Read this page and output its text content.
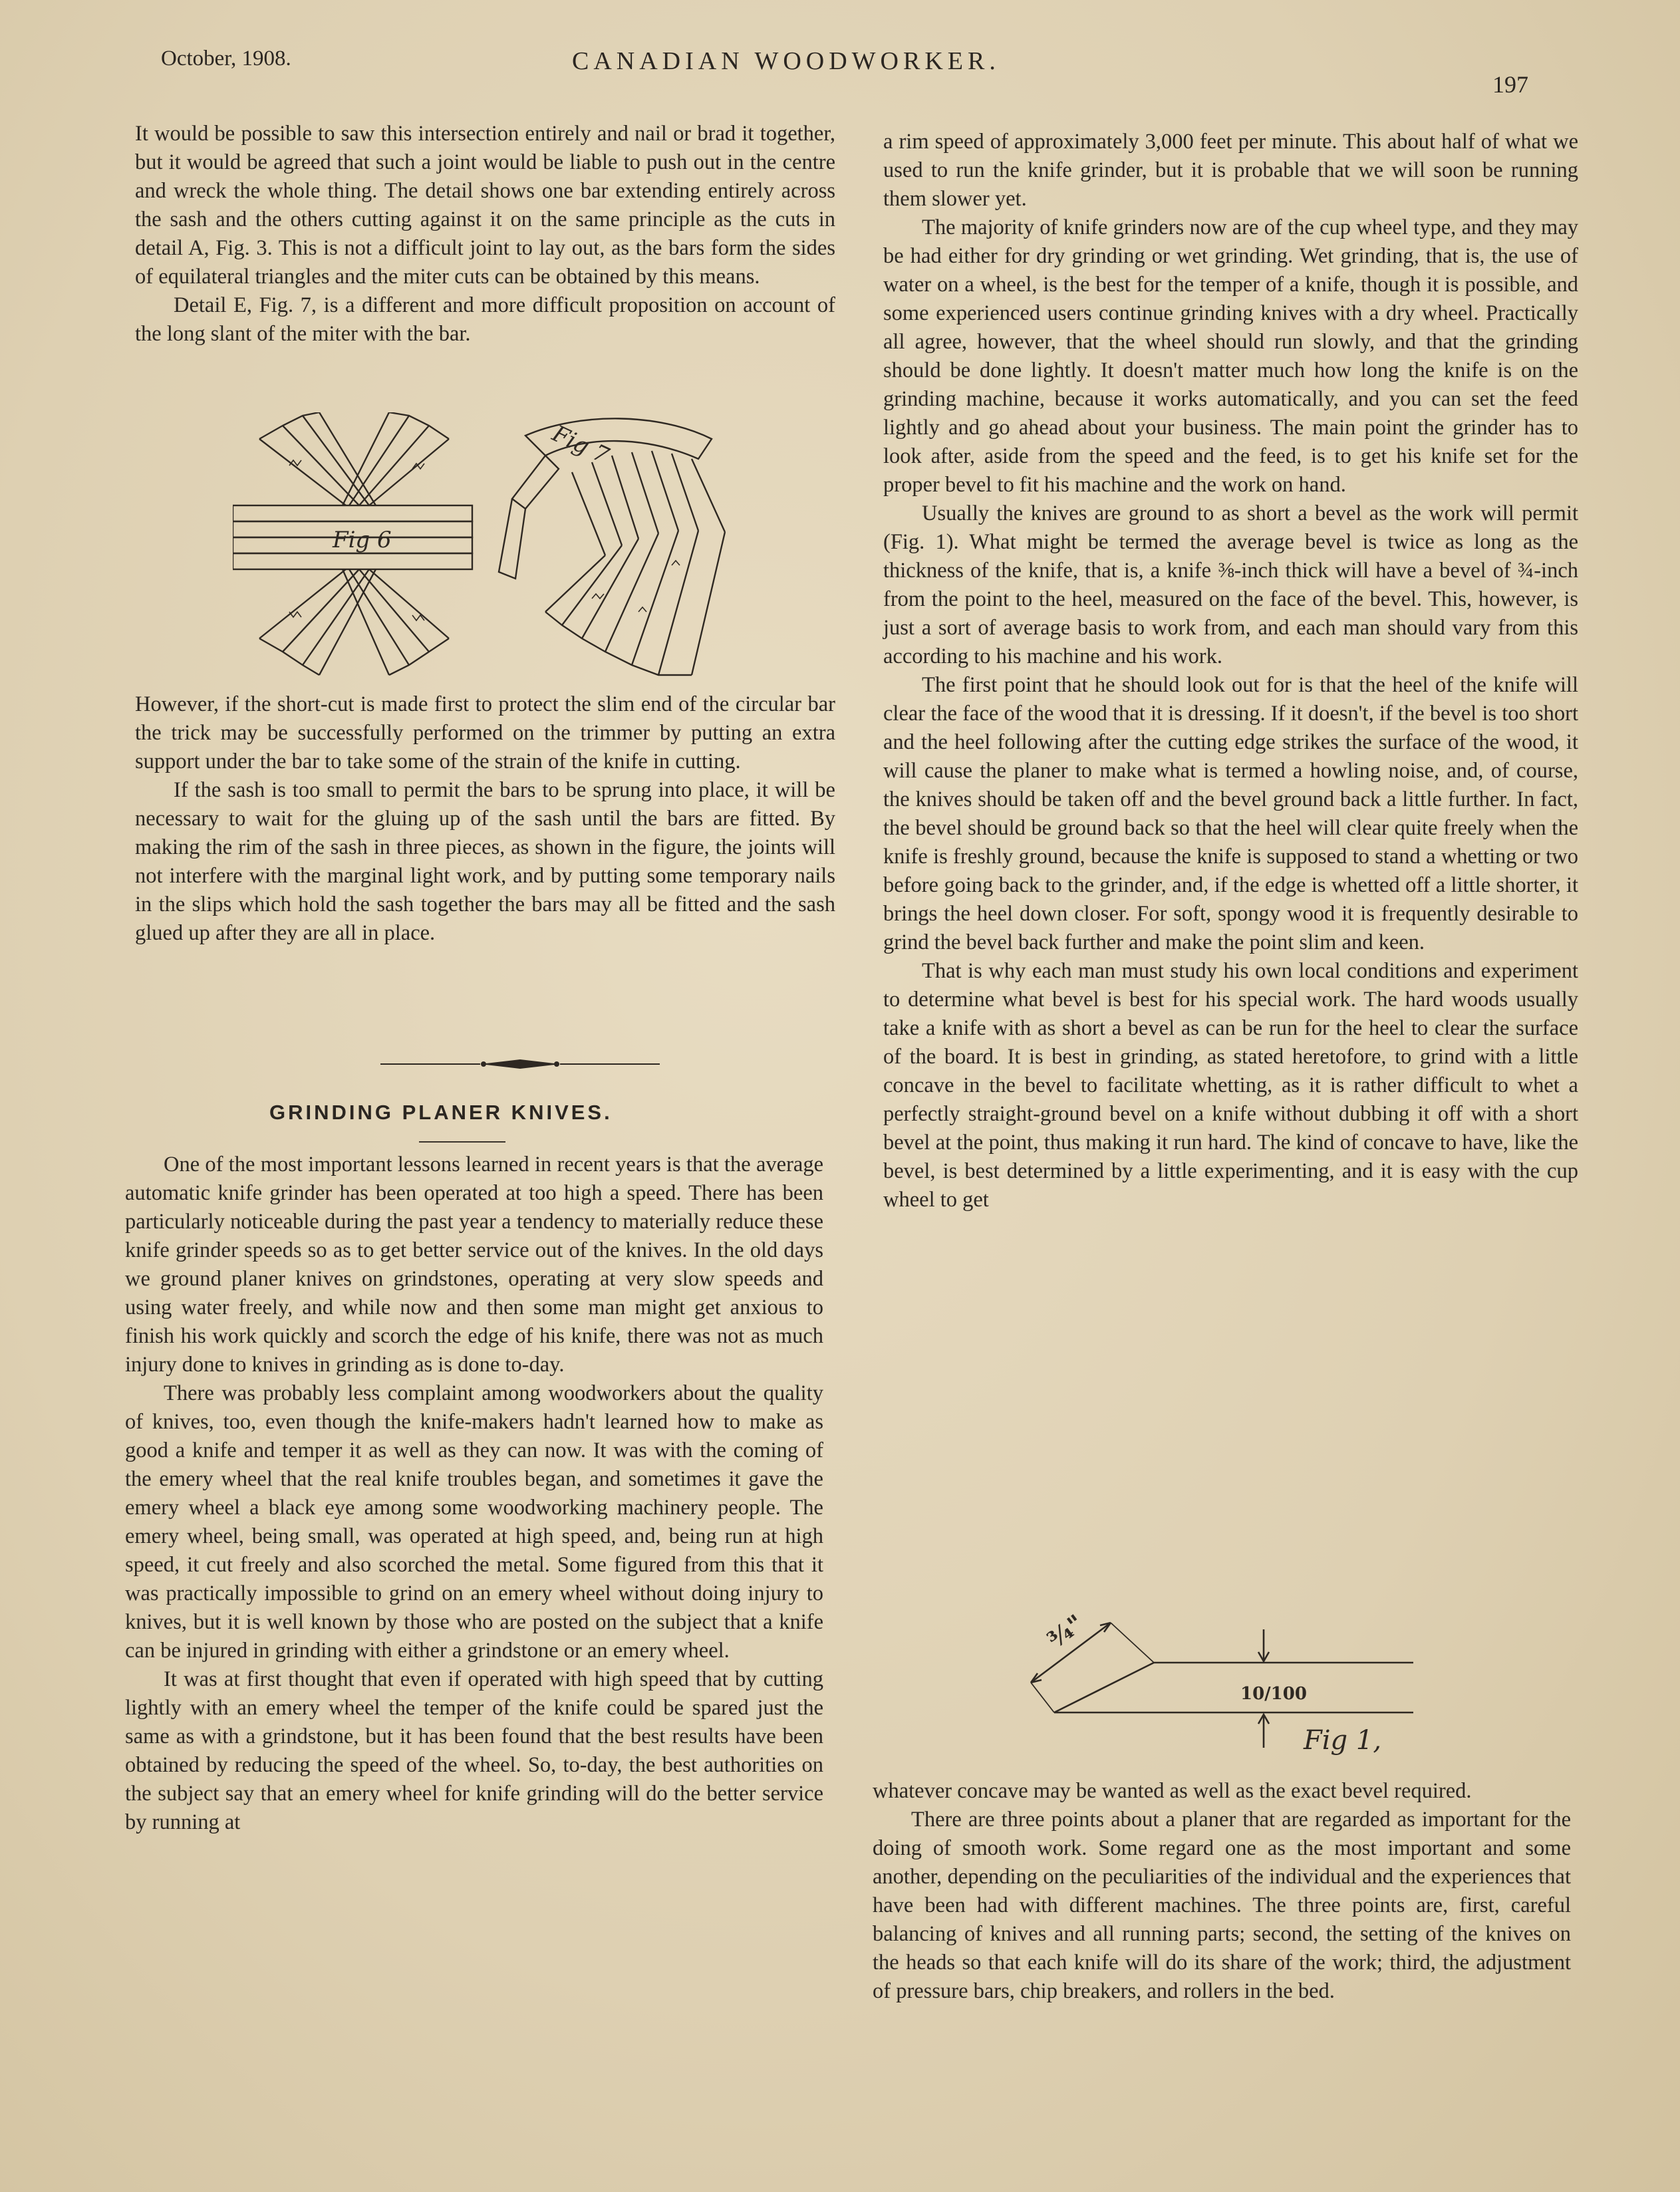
October, 1908.	CANADIAN WOODWORKER.
197

It would be possible to saw this intersection entirely and nail or brad it together, but it would be agreed that such a joint would be liable to push out in the centre and wreck the whole thing. The detail shows one bar extending entirely across the sash and the others cutting against it on the same principle as the cuts in detail A, Fig. 3. This is not a difficult joint to lay out, as the bars form the sides of equilateral triangles and the miter cuts can be obtained by this means.

Detail E, Fig. 7, is a different and more difficult proposition on account of the long slant of the miter with the bar.

Fig 6
Fig 7

However, if the short-cut is made first to protect the slim end of the circular bar the trick may be successfully performed on the trimmer by putting an extra support under the bar to take some of the strain of the knife in cutting.

If the sash is too small to permit the bars to be sprung into place, it will be necessary to wait for the gluing up of the sash until the bars are fitted. By making the rim of the sash in three pieces, as shown in the figure, the joints will not interfere with the marginal light work, and by putting some temporary nails in the slips which hold the sash together the bars may all be fitted and the sash glued up after they are all in place.

GRINDING PLANER KNIVES.

One of the most important lessons learned in recent years is that the average automatic knife grinder has been operated at too high a speed. There has been particularly noticeable during the past year a tendency to materially reduce these knife grinder speeds so as to get better service out of the knives. In the old days we ground planer knives on grindstones, operating at very slow speeds and using water freely, and while now and then some man might get anxious to finish his work quickly and scorch the edge of his knife, there was not as much injury done to knives in grinding as is done to-day.

There was probably less complaint among woodworkers about the quality of knives, too, even though the knife-makers hadn't learned how to make as good a knife and temper it as well as they can now. It was with the coming of the emery wheel that the real knife troubles began, and sometimes it gave the emery wheel a black eye among some woodworking machinery people. The emery wheel, being small, was operated at high speed, and, being run at high speed, it cut freely and also scorched the metal. Some figured from this that it was practically impossible to grind on an emery wheel without doing injury to knives, but it is well known by those who are posted on the subject that a knife can be injured in grinding with either a grindstone or an emery wheel.

It was at first thought that even if operated with high speed that by cutting lightly with an emery wheel the temper of the knife could be spared just the same as with a grindstone, but it has been found that the best results have been obtained by reducing the speed of the wheel. So, to-day, the best authorities on the subject say that an emery wheel for knife grinding will do the better service by running at

a rim speed of approximately 3,000 feet per minute. This about half of what we used to run the knife grinder, but it is probable that we will soon be running them slower yet.

The majority of knife grinders now are of the cup wheel type, and they may be had either for dry grinding or wet grinding. Wet grinding, that is, the use of water on a wheel, is the best for the temper of a knife, though it is possible, and some experienced users continue grinding knives with a dry wheel. Practically all agree, however, that the wheel should run slowly, and that the grinding should be done lightly. It doesn't matter much how long the knife is on the grinding machine, because it works automatically, and you can set the feed lightly and go ahead about your business. The main point the grinder has to look after, aside from the speed and the feed, is to get his knife set for the proper bevel to fit his machine and the work on hand.

Usually the knives are ground to as short a bevel as the work will permit (Fig. 1). What might be termed the average bevel is twice as long as the thickness of the knife, that is, a knife ⅜-inch thick will have a bevel of ¾-inch from the point to the heel, measured on the face of the bevel. This, however, is just a sort of average basis to work from, and each man should vary from this according to his machine and his work.

The first point that he should look out for is that the heel of the knife will clear the face of the wood that it is dressing. If it doesn't, if the bevel is too short and the heel following after the cutting edge strikes the surface of the wood, it will cause the planer to make what is termed a howling noise, and, of course, the knives should be taken off and the bevel ground back a little further. In fact, the bevel should be ground back so that the heel will clear quite freely when the knife is freshly ground, because the knife is supposed to stand a whetting or two before going back to the grinder, and, if the edge is whetted off a little shorter, it brings the heel down closer. For soft, spongy wood it is frequently desirable to grind the bevel back further and make the point slim and keen.

That is why each man must study his own local conditions and experiment to determine what bevel is best for his special work. The hard woods usually take a knife with as short a bevel as can be run for the heel to clear the surface of the board. It is best in grinding, as stated heretofore, to grind with a little concave in the bevel to facilitate whetting, as it is rather difficult to whet a perfectly straight-ground bevel on a knife without dubbing it off with a short bevel at the point, thus making it run hard. The kind of concave to have, like the bevel, is best determined by a little experimenting, and it is easy with the cup wheel to get

¾"
10/100
Fig 1,

whatever concave may be wanted as well as the exact bevel required.

There are three points about a planer that are regarded as important for the doing of smooth work. Some regard one as the most important and some another, depending on the peculiarities of the individual and the experiences that have been had with different machines. The three points are, first, careful balancing of knives and all running parts; second, the setting of the knives on the heads so that each knife will do its share of the work; third, the adjustment of pressure bars, chip breakers, and rollers in the bed.
